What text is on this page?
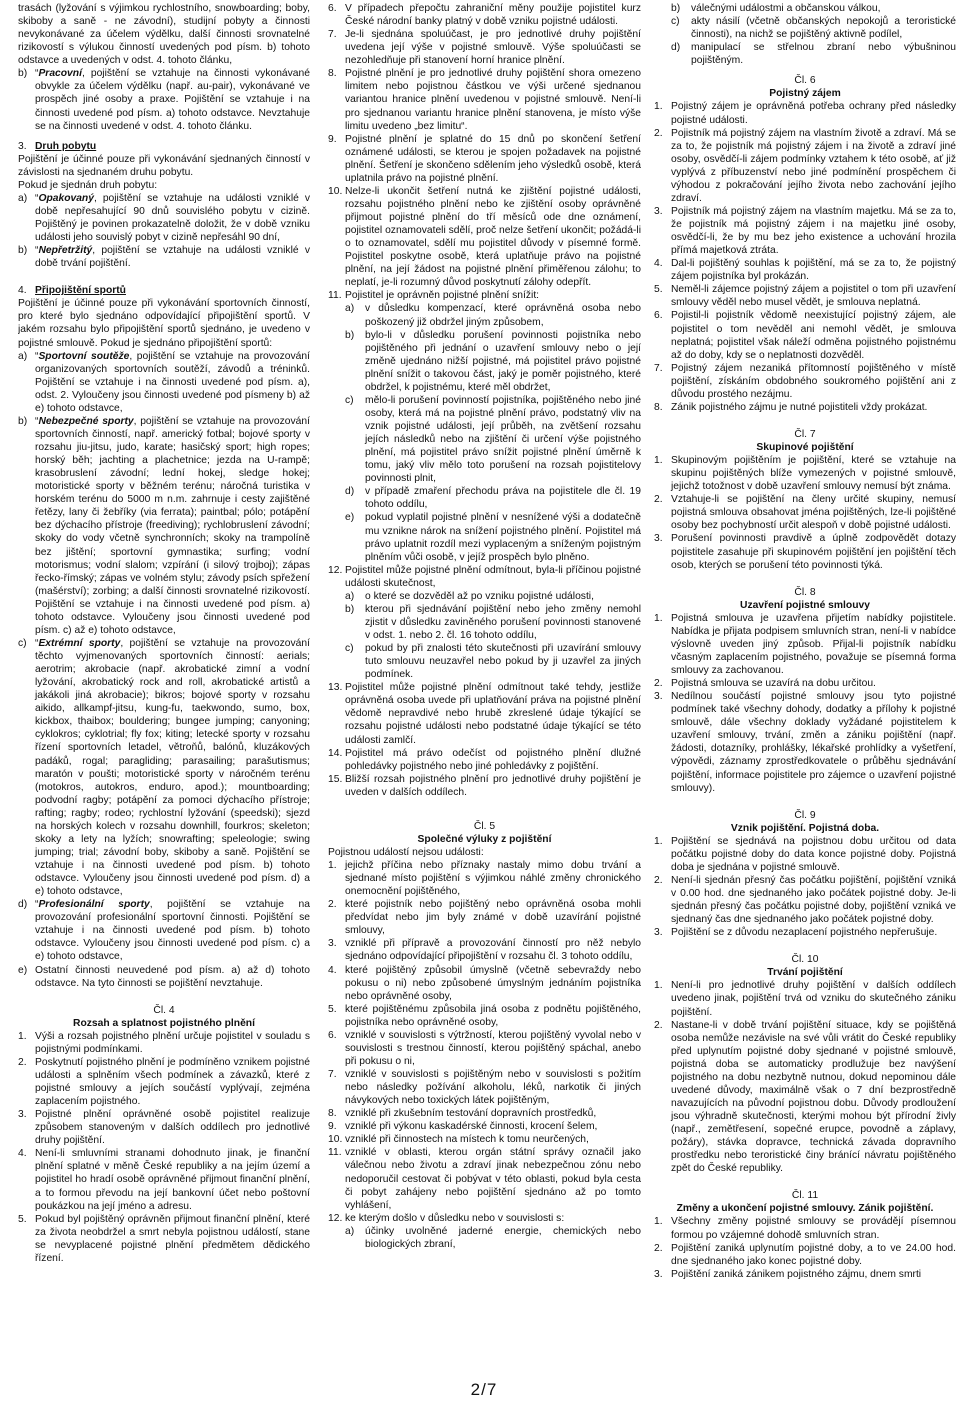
trasách (lyžování s výjimkou rychlostního, snowboarding; boby, skiboby a saně - ne závodní), studijní pobyty a činnosti nevykonávané za účelem výdělku, další činnosti srovnatelné rizikovostí s výlukou činností uvedených pod písm. b) tohoto odstavce a uvedených v odst. 4. tohoto článku,

b) “Pracovní, pojištění se vztahuje na činnosti vykonávané obvykle za účelem výdělku (např. au-pair), vykonávané ve prospěch jiné osoby a praxe. Pojištění se vztahuje i na činnosti uvedené pod písm. a) tohoto odstavce. Nevztahuje se na činnosti uvedené v odst. 4. tohoto článku.
3. Druh pobytu

Pojištění je účinné pouze při vykonávání sjednaných činností v závislosti na sjednaném druhu pobytu.

Pokud je sjednán druh pobytu:

a) “Opakovaný, pojištění se vztahuje na události vzniklé v době nepřesahující 90 dnů souvislého pobytu v cizině. Pojištěný je povinen prokazatelně doložit, že v době vzniku události jeho souvislý pobyt v cizině nepřesáhl 90 dní,
b) “Nepřetržitý, pojištění se vztahuje na události vzniklé v době trvání pojištění.
4. Připojištění sportů

Pojištění je účinné pouze při vykonávání sportovních činností, pro které bylo sjednáno odpovídající připojištění sportů. V jakém rozsahu bylo připojištění sportů sjednáno, je uvedeno v pojistné smlouvě. Pokud je sjednáno připojištění sportů:

a) “Sportovní soutěže, pojištění se vztahuje na provozování organizovaných sportovních soutěží, závodů a tréninků. Pojištění se vztahuje i na činnosti uvedené pod písm. a), odst. 2. Vyloučeny jsou činnosti uvedené pod písmeny b) až e) tohoto odstavce,
b) “Nebezpečné sporty, pojištění se vztahuje na provozování sportovních činností, např. americký fotbal; bojové sporty v rozsahu jiu-jitsu, judo, karate; hasičský sport; high ropes; horský běh; jachting a plachetnice; jezda na U-rampě; krasobruslení závodní; lední hokej, sledge hokej; motoristické sporty v běžném terénu; náročná turistika v horském terénu do 5000 m n.m. zahrnuje i cesty zajištěné řetězy, lany či žebříky (via ferrata); paintbal; pólo; potápění bez dýchacího přístroje (freediving); rychlobruslení závodní; skoky do vody včetně synchronních; skoky na trampolíně bez jištění; sportovní gymnastika; surfing; vodní motorismus; vodní slalom; vzpírání (i silový trojboj); zápas řecko-římský; zápas ve volném stylu; závody psích spřežení (mašérství); zorbing; a další činnosti srovnatelné rizikovostí. Pojištění se vztahuje i na činnosti uvedené pod písm. a) tohoto odstavce. Vyloučeny jsou činnosti uvedené pod písm. c) až e) tohoto odstavce,
c) “Extrémní sporty, pojištění se vztahuje na provozování těchto vyjmenovaných sportovních činností: aerials; aerotrim; akrobacie (např. akrobatické zimní a vodní lyžování, akrobatický rock and roll, akrobatické artistů a jakákoli jiná akrobacie); bikros; bojové sporty v rozsahu aikido, allkampf-jitsu, kung-fu, taekwondo, sumo, box, kickbox, thaibox; bouldering; bungee jumping; canyoning; cyklokros; cyklotrial; fly fox; kiting; letecké sporty v rozsahu řízení sportovních letadel, větroňů, balónů, kluzákových padáků, rogal; paragliding; parasailing; parašutismus; maratón v poušti; motoristické sporty v náročném terénu (motokros, autokros, enduro, apod.); mountboarding; podvodní ragby; potápění za pomoci dýchacího přístroje; rafting; ragby; rodeo; rychlostní lyžování (speedski); sjezd na horských kolech v rozsahu downhill, fourkros; skeleton; skoky a lety na lyžích; snowrafting; speleologie; swing jumping; trial; závodní boby, skiboby a saně. Pojištění se vztahuje i na činnosti uvedené pod písm. b) tohoto odstavce. Vyloučeny jsou činnosti uvedené pod písm. d) a e) tohoto odstavce,
d) “Profesionální sporty, pojištění se vztahuje na provozování profesionální sportovní činnosti. Pojištění se vztahuje i na činnosti uvedené pod písm. b) tohoto odstavce. Vyloučeny jsou činnosti uvedené pod písm. c) a e) tohoto odstavce,
e) Ostatní činnosti neuvedené pod písm. a) až d) tohoto odstavce. Na tyto činnosti se pojištění nevztahuje.

Čl. 4

Rozsah a splatnost pojistného plnění

1. Výši a rozsah pojistného plnění určuje pojistitel v souladu s pojistnými podmínkami.
2. Poskytnutí pojistného plnění je podmíněno vznikem pojistné události a splněním všech podmínek a závazků, které z pojistné smlouvy a jejích součástí vyplývají, zejména zaplacením pojistného.
3. Pojistné plnění oprávněné osobě pojistitel realizuje způsobem stanoveným v dalších oddílech pro jednotlivé druhy pojištění.
4. Není-li smluvními stranami dohodnuto jinak, je finanční plnění splatné v měně České republiky a na jejím území a pojistitel ho hradí osobě oprávněné přijmout finanční plnění, a to formou převodu na její bankovní účet nebo poštovní poukázkou na její jméno a adresu.
5. Pokud byl pojištěný oprávněn přijmout finanční plnění, které za života neobdržel a smrt nebyla pojistnou událostí, stane se nevyplacené pojistné plnění předmětem dědického řízení.
6. V případech přepočtu zahraniční měny použije pojistitel kurz České národní banky platný v době vzniku pojistné události.
7. Je-li sjednána spoluúčast, je pro jednotlivé druhy pojištění uvedena její výše v pojistné smlouvě. Výše spoluúčasti se nezohledňuje při stanovení horní hranice plnění.
8. Pojistné plnění je pro jednotlivé druhy pojištění shora omezeno limitem nebo pojistnou částkou ve výši určené sjednanou variantou hranice plnění uvedenou v pojistné smlouvě. Není-li pro sjednanou variantu hranice plnění stanovena, je místo výše limitu uvedeno „bez limitu“.
9. Pojistné plnění je splatné do 15 dnů po skončení šetření oznámené události, se kterou je spojen požadavek na pojistné plnění. Šetření je skončeno sdělením jeho výsledků osobě, která uplatnila právo na pojistné plnění.
10. Nelze-li ukončit šetření nutná ke zjištění pojistné události, rozsahu pojistného plnění nebo ke zjištění osoby oprávněné přijmout pojistné plnění do tří měsíců ode dne oznámení, pojistitel oznamovateli sdělí, proč nelze šetření ukončit; požádá-li o to oznamovatel, sdělí mu pojistitel důvody v písemné formě. Pojistitel poskytne osobě, která uplatňuje právo na pojistné plnění, na její žádost na pojistné plnění přiměřenou zálohu; to neplatí, je-li rozumný důvod poskytnutí zálohy odepřít.
11. Pojistitel je oprávněn pojistné plnění snížit:
a)	v důsledku kompenzací, které oprávněná osoba nebo poškozený již obdržel jiným způsobem,
b)	bylo-li v důsledku porušení povinnosti pojistníka nebo pojištěného při jednání o uzavření smlouvy nebo o její změně ujednáno nižší pojistné, má pojistitel právo pojistné plnění snížit o takovou část, jaký je poměr pojistného, které obdržel, k pojistnému, které měl obdržet,
c)	mělo-li porušení povinností pojistníka, pojištěného nebo jiné osoby, která má na pojistné plnění právo, podstatný vliv na vznik pojistné události, její průběh, na zvětšení rozsahu jejích následků nebo na zjištění či určení výše pojistného plnění, má pojistitel právo snížit pojistné plnění úměrně k tomu, jaký vliv mělo toto porušení na rozsah pojistitelovy povinnosti plnit,
d)	v případě zmaření přechodu práva na pojistitele dle čl. 19 tohoto oddílu,
e)	pokud vyplatil pojistné plnění v nesnížené výši a dodatečně mu vznikne nárok na snížení pojistného plnění. Pojistitel má právo uplatnit rozdíl mezi vyplaceným a sníženým pojistným plněním vůči osobě, v jejíž prospěch bylo plněno.
12. Pojistitel může pojistné plnění odmítnout, byla-li příčinou pojistné události skutečnost,
a)	o které se dozvěděl až po vzniku pojistné události,
b)	kterou při sjednávání pojištění nebo jeho změny nemohl zjistit v důsledku zaviněného porušení povinnosti stanovené v odst. 1. nebo 2. čl. 16 tohoto oddílu,
c)	pokud by při znalosti této skutečnosti při uzavírání smlouvy tuto smlouvu neuzavřel nebo pokud by ji uzavřel za jiných podmínek.
13. Pojistitel může pojistné plnění odmítnout také tehdy, jestliže oprávněná osoba uvede při uplatňování práva na pojistné plnění vědomě nepravdivé nebo hrubě zkreslené údaje týkající se rozsahu pojistné události nebo podstatné údaje týkající se této události zamlčí.
14. Pojistitel má právo odečíst od pojistného plnění dlužné pohledávky pojistného nebo jiné pohledávky z pojištění.
15. Bližší rozsah pojistného plnění pro jednotlivé druhy pojištění je uveden v dalších oddílech.

Čl. 5

Společné výluky z pojištění

Pojistnou událostí nejsou události:

1. jejichž příčina nebo příznaky nastaly mimo dobu trvání a sjednané místo pojištění s výjimkou náhlé změny chronického onemocnění pojištěného,
2. které pojistník nebo pojištěný nebo oprávněná osoba mohli předvídat nebo jim byly známé v době uzavírání pojistné smlouvy,
3. vzniklé při přípravě a provozování činností pro něž nebylo sjednáno odpovídající připojištění v rozsahu čl. 3 tohoto oddílu,
4. které pojištěný způsobil úmyslně (včetně sebevraždy nebo pokusu o ni) nebo způsobené úmyslným jednáním pojistníka nebo oprávněné osoby,
5. které pojištěnému způsobila jiná osoba z podnětu pojištěného, pojistníka nebo oprávněné osoby,
6. vzniklé v souvislosti s výtržností, kterou pojištěný vyvolal nebo v souvislosti s trestnou činností, kterou pojištěný spáchal, anebo při pokusu o ni,
7. vzniklé v souvislosti s pojištěným nebo v souvislosti s požitím nebo následky požívání alkoholu, léků, narkotik či jiných návykových nebo toxických látek pojištěným,
8. vzniklé při zkušebním testování dopravních prostředků,
9. vzniklé při výkonu kaskadérské činnosti, krocení šelem,
10. vzniklé při činnostech na místech k tomu neurčených,
11. vzniklé v oblasti, kterou orgán státní správy označil jako válečnou nebo životu a zdraví jinak nebezpečnou zónu nebo nedoporučil cestovat či pobývat v této oblasti, pokud byla cesta či pobyt zahájeny nebo pojištění sjednáno až po tomto vyhlášení,
12. ke kterým došlo v důsledku nebo v souvislosti s:
a)	účinky uvolněné jaderné energie, chemických nebo biologických zbraní,
b)	válečnými událostmi a občanskou válkou,
c)	akty násilí (včetně občanských nepokojů a teroristické činnosti), na nichž se pojištěný aktivně podílel,
d)	manipulací se střelnou zbraní nebo výbušninou pojištěným.

Čl. 6

Pojistný zájem

1. Pojistný zájem je oprávněná potřeba ochrany před následky pojistné události.
2. Pojistník má pojistný zájem na vlastním životě a zdraví. Má se za to, že pojistník má pojistný zájem i na životě a zdraví jiné osoby, osvědčí-li zájem podmínky vztahem k této osobě, ať již vyplývá z příbuzenství nebo jiné podmínění prospěchem či výhodou z pokračování jejího života nebo zachování jejího zdraví.
3. Pojistník má pojistný zájem na vlastním majetku. Má se za to, že pojistník má pojistný zájem i na majetku jiné osoby, osvědčí-li, že by mu bez jeho existence a uchování hrozila přímá majetková ztráta.
4. Dal-li pojištěný souhlas k pojištění, má se za to, že pojistný zájem pojistníka byl prokázán.
5. Neměl-li zájemce pojistný zájem a pojistitel o tom při uzavření smlouvy věděl nebo musel vědět, je smlouva neplatná.
6. Pojistil-li pojistník vědomě neexistující pojistný zájem, ale pojistitel o tom nevěděl ani nemohl vědět, je smlouva neplatná; pojistitel však náleží odměna pojistného pojistnému až do doby, kdy se o neplatnosti dozvěděl.
7. Pojistný zájem nezaniká přítomností pojištěného v místě pojištění, získáním obdobného soukromého pojištění ani z důvodu prostého nezájmu.
8. Zánik pojistného zájmu je nutné pojistiteli vždy prokázat.

Čl. 7

Skupinové pojištění

1. Skupinovým pojištěním je pojištění, které se vztahuje na skupinu pojištěných blíže vymezených v pojistné smlouvě, jejichž totožnost v době uzavření smlouvy nemusí být známa.
2. Vztahuje-li se pojištění na členy určité skupiny, nemusí pojistná smlouva obsahovat jména pojištěných, lze-li pojištěné osoby bez pochybností určit alespoň v době pojistné události.
3. Porušení povinnosti pravdivě a úplně zodpovědět dotazy pojistitele zasahuje při skupinovém pojištění jen pojištění těch osob, kterých se porušení této povinnosti týká.

Čl. 8

Uzavření pojistné smlouvy

1. Pojistná smlouva je uzavřena přijetím nabídky pojistitele. Nabídka je přijata podpisem smluvních stran, není-li v nabídce výslovně uveden jiný způsob. Přijal-li pojistník nabídku včasným zaplacením pojistného, považuje se písemná forma smlouvy za zachovanou.
2. Pojistná smlouva se uzavírá na dobu určitou.
3. Nedílnou součástí pojistné smlouvy jsou tyto pojistné podmínek také všechny dohody, dodatky a přílohy k pojistné smlouvě, dále všechny doklady vyžádané pojistitelem k uzavření smlouvy, trvání, změn a zániku pojištění (např. žádosti, dotazníky, prohlášky, lékařské prohlídky a vyšetření, výpovědi, záznamy zprostředkovatele o průběhu sjednávání pojištění, informace pojistitele pro zájemce o uzavření pojistné smlouvy).

Čl. 9

Vznik pojištění. Pojistná doba.

1. Pojištění se sjednává na pojistnou dobu určitou od data počátku pojistné doby do data konce pojistné doby. Pojistná doba je sjednána v pojistné smlouvě.
2. Není-li sjednán přesný čas počátku pojištění, pojištění vzniká v 0.00 hod. dne sjednaného jako počátek pojistné doby. Je-li sjednán přesný čas počátku pojistné doby, pojištění vzniká ve sjednaný čas dne sjednaného jako počátek pojistné doby.
3. Pojištění se z důvodu nezaplacení pojistného nepřerušuje.

Čl. 10

Trvání pojištění

1. Není-li pro jednotlivé druhy pojištění v dalších oddílech uvedeno jinak, pojištění trvá od vzniku do skutečného zániku pojištění.
2. Nastane-li v době trvání pojištění situace, kdy se pojištěná osoba nemůže nezávisle na své vůli vrátit do České republiky před uplynutím pojistné doby sjednané v pojistné smlouvě, pojistná doba se automaticky prodlužuje bez navýšení pojistného na dobu nezbytně nutnou, dokud nepominou dále uvedené důvody, maximálně však o 7 dní bezprostředně navazujících na původní pojistnou dobu. Důvody prodloužení jsou výhradně skutečnosti, kterými mohou být přírodní živly (např., zemětřesení, sopečné erupce, povodně a záplavy, požáry), stávka dopravce, technická závada dopravního prostředku nebo teroristické činy bránící návratu pojištěného zpět do České republiky.

Čl. 11

Změny a ukončení pojistné smlouvy. Zánik pojištění.

1. Všechny změny pojistné smlouvy se provádějí písemnou formou po vzájemné dohodě smluvních stran.
2. Pojištění zaniká uplynutím pojistné doby, a to ve 24.00 hod. dne sjednaného jako konec pojistné doby.
3. Pojištění zaniká zánikem pojistného zájmu, dnem smrti
2/7
